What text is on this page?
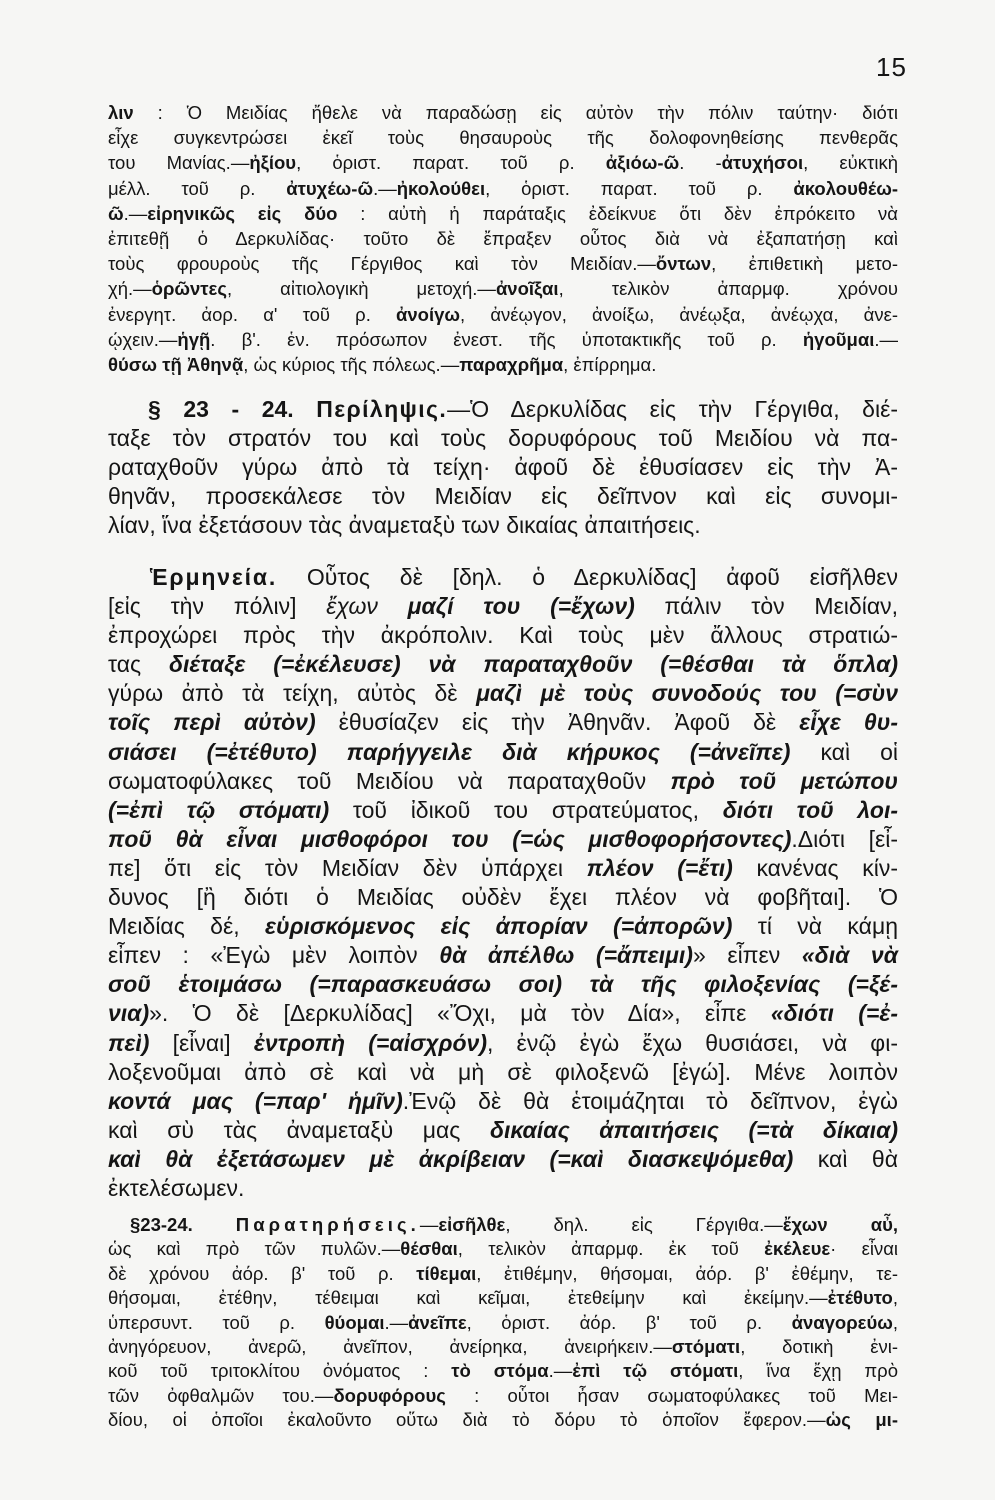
15
λιν : Ὁ Μειδίας ἤθελε νὰ παραδώσῃ εἰς αὐτὸν τὴν πόλιν ταύτην· διότι
εἶχε συγκεντρώσει ἐκεῖ τοὺς θησαυροὺς τῆς δολοφονηθείσης πενθερᾶς
του Μανίας.—ἠξίου, ὁριστ. παρατ. τοῦ ρ. ἀξιόω-ῶ. -ἀτυχήσοι, εὐκτικὴ
μέλλ. τοῦ ρ. ἀτυχέω-ῶ.—ἠκολούθει, ὁριστ. παρατ. τοῦ ρ. ἀκολουθέω-
ῶ.—εἰρηνικῶς εἰς δύο : αὐτὴ ἡ παράταξις ἐδείκνυε ὅτι δὲν ἐπρόκειτο νὰ
ἐπιτεθῇ ὁ Δερκυλίδας· τοῦτο δὲ ἔπραξεν οὗτος διὰ νὰ ἐξαπατήσῃ καὶ
τοὺς φρουροὺς τῆς Γέργιθος καὶ τὸν Μειδίαν.—ὄντων, ἐπιθετικὴ μετο-
χή.—ὁρῶντες, αἰτιολογικὴ μετοχή.—ἀνοῖξαι, τελικὸν ἀπαρμφ. χρόνου
ἐνεργητ. ἀορ. α' τοῦ ρ. ἀνοίγω, ἀνέῳγον, ἀνοίξω, ἀνέῳξα, ἀνέῳχα, ἀνε-
ῴχειν.—ἡγῇ. β'. ἑν. πρόσωπον ἐνεστ. τῆς ὑποτακτικῆς τοῦ ρ. ἡγοῦμαι.—
θύσω τῇ Ἀθηνᾷ, ὡς κύριος τῆς πόλεως.—παραχρῆμα, ἐπίρρημα.
§ 23 - 24. Περίληψις.—Ὁ Δερκυλίδας εἰς τὴν Γέργιθα, διέ-
ταξε τὸν στρατόν του καὶ τοὺς δορυφόρους τοῦ Μειδίου νὰ πα-
ραταχθοῦν γύρω ἀπὸ τὰ τείχη· ἀφοῦ δὲ ἐθυσίασεν εἰς τὴν Ἀ-
θηνᾶν, προσεκάλεσε τὸν Μειδίαν εἰς δεῖπνον καὶ εἰς συνομι-
λίαν, ἵνα ἐξετάσουν τὰς ἀναμεταξὺ των δικαίας ἀπαιτήσεις.
Ἑρμηνεία. Οὗτος δὲ [δηλ. ὁ Δερκυλίδας] ἀφοῦ εἰσῆλθεν
[εἰς τὴν πόλιν] ἔχων μαζί του (=ἔχων) πάλιν τὸν Μειδίαν,
ἐπροχώρει πρὸς τὴν ἀκρόπολιν. Καὶ τοὺς μὲν ἄλλους στρατιώ-
τας διέταξε (=ἐκέλευσε) νὰ παραταχθοῦν (=θέσθαι τὰ ὅπλα)
γύρω ἀπὸ τὰ τείχη, αὐτὸς δὲ μαζὶ μὲ τοὺς συνοδούς του (=σὺν
τοῖς περὶ αὐτὸν) ἐθυσίαζεν εἰς τὴν Ἀθηνᾶν. Ἀφοῦ δὲ εἶχε θυ-
σιάσει (=ἐτέθυτο) παρήγγειλε διὰ κήρυκος (=ἀνεῖπε) καὶ οἱ
σωματοφύλακες τοῦ Μειδίου νὰ παραταχθοῦν πρὸ τοῦ μετώπου
(=ἐπὶ τῷ στόματι) τοῦ ἰδικοῦ του στρατεύματος, διότι τοῦ λοι-
ποῦ θὰ εἶναι μισθοφόροι του (=ὡς μισθοφορήσοντες).Διότι [εἶ-
πε] ὅτι εἰς τὸν Μειδίαν δὲν ὑπάρχει πλέον (=ἔτι) κανένας κίν-
δυνος [ἢ διότι ὁ Μειδίας οὐδὲν ἔχει πλέον νὰ φοβῆται]. Ὁ
Μειδίας δέ, εὑρισκόμενος εἰς ἀπορίαν (=ἀπορῶν) τί νὰ κάμῃ
εἶπεν : «Ἐγὼ μὲν λοιπὸν θὰ ἀπέλθω (=ἄπειμι)» εἶπεν «διὰ νὰ
σοῦ ἑτοιμάσω (=παρασκευάσω σοι) τὰ τῆς φιλοξενίας (=ξέ-
νια)». Ὁ δὲ [Δερκυλίδας] «Ὄχι, μὰ τὸν Δία», εἶπε «διότι (=ἐ-
πεὶ) [εἶναι] ἐντροπὴ (=αἰσχρόν), ἐνῷ ἐγὼ ἔχω θυσιάσει, νὰ φι-
λοξενοῦμαι ἀπὸ σὲ καὶ νὰ μὴ σὲ φιλοξενῶ [ἐγώ]. Μένε λοιπὸν
κοντά μας (=παρ' ἡμῖν).Ἐνῷ δὲ θὰ ἑτοιμάζηται τὸ δεῖπνον, ἐγὼ
καὶ σὺ τὰς ἀναμεταξὺ μας δικαίας ἀπαιτήσεις (=τὰ δίκαια)
καὶ θὰ ἐξετάσωμεν μὲ ἀκρίβειαν (=καὶ διασκεψόμεθα) καὶ θὰ
ἐκτελέσωμεν.
§23-24. Παρατηρήσεις.—εἰσῆλθε, δηλ. εἰς Γέργιθα.—ἔχων αὖ,
ὡς καὶ πρὸ τῶν πυλῶν.—θέσθαι, τελικὸν ἀπαρμφ. ἐκ τοῦ ἐκέλευε· εἶναι
δὲ χρόνου ἀόρ. β' τοῦ ρ. τίθεμαι, ἐτιθέμην, θήσομαι, ἀόρ. β' ἐθέμην, τε-
θήσομαι, ἐτέθην, τέθειμαι καὶ κεῖμαι, ἐτεθείμην καὶ ἐκείμην.—ἐτέθυτο,
ὑπερσυντ. τοῦ ρ. θύομαι.—ἀνεῖπε, ὁριστ. ἀόρ. β' τοῦ ρ. ἀναγορεύω,
ἀνηγόρευον, ἀνερῶ, ἀνεῖπον, ἀνείρηκα, ἀνειρήκειν.—στόματι, δοτικὴ ἐνι-
κοῦ τοῦ τριτοκλίτου ὀνόματος : τὸ στόμα.—ἐπὶ τῷ στόματι, ἵνα ἔχῃ πρὸ
τῶν ὀφθαλμῶν του.—δορυφόρους : οὗτοι ἦσαν σωματοφύλακες τοῦ Μει-
δίου, οἱ ὁποῖοι ἐκαλοῦντο οὕτω διὰ τὸ δόρυ τὸ ὁποῖον ἔφερον.—ὡς μι-
